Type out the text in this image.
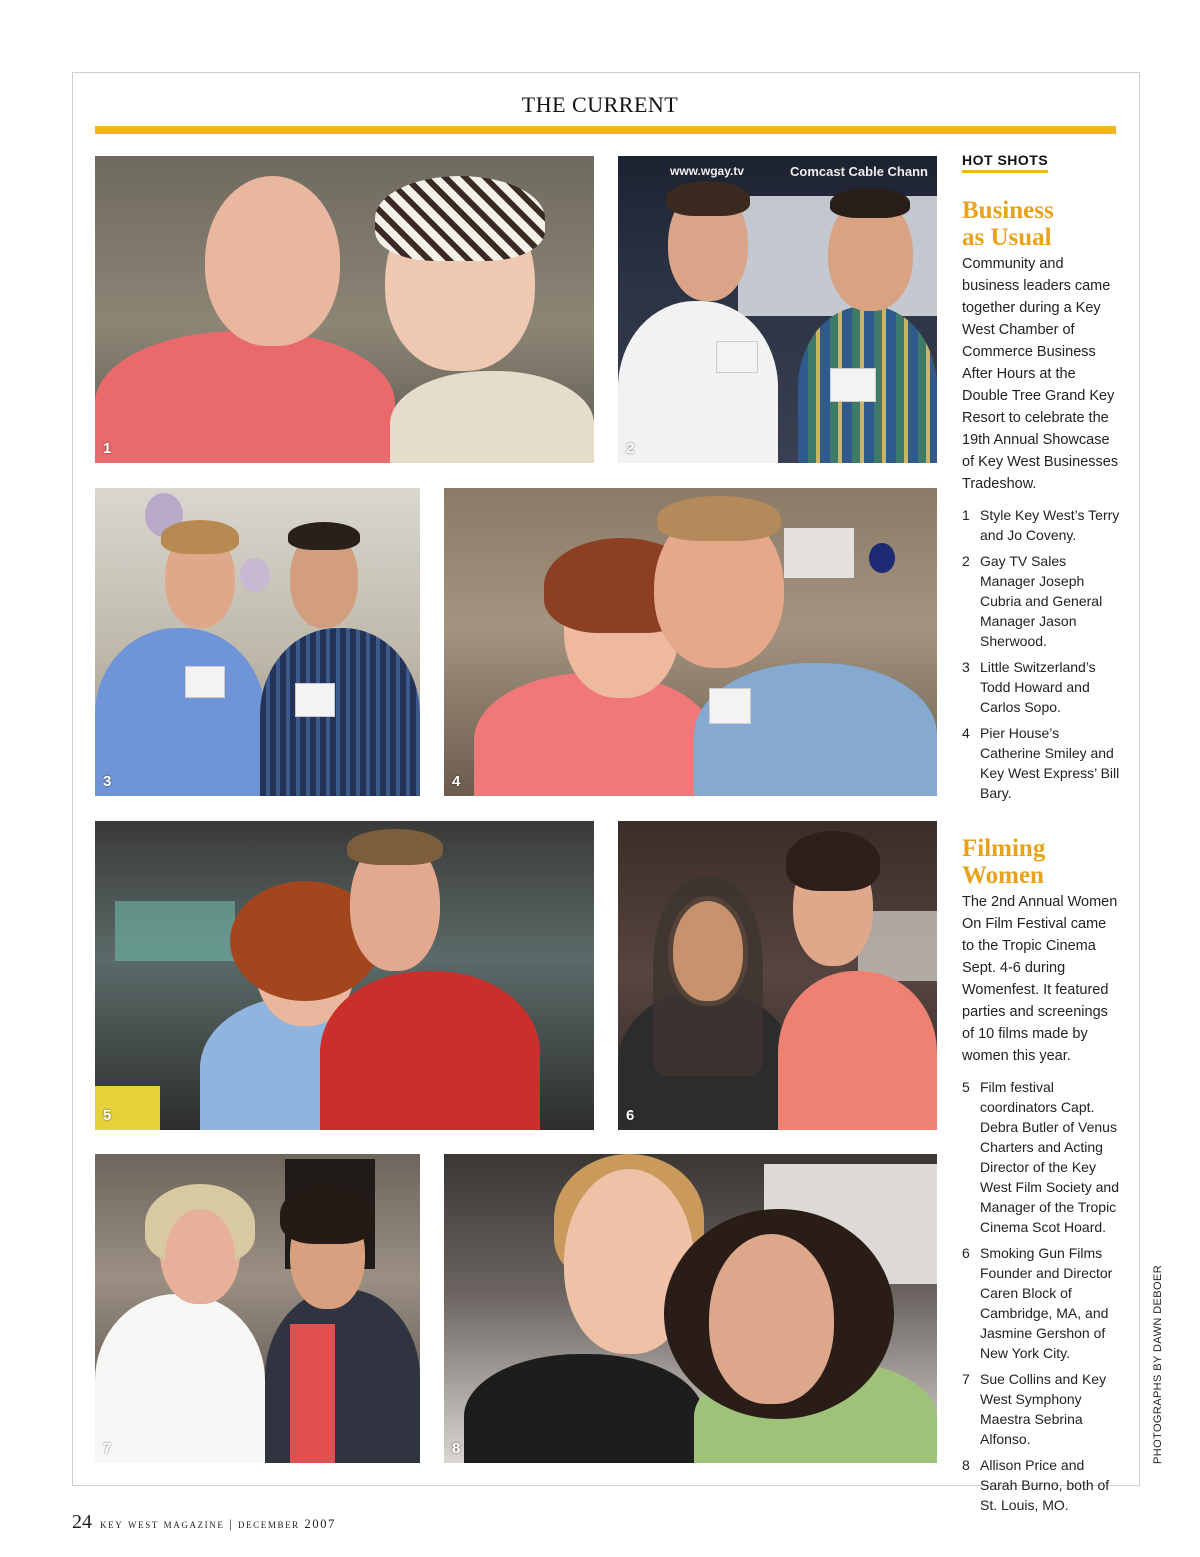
THE CURRENT
1
www.wgay.tv	Comcast Cable Chann
2
3	4
5	6
7	8
HOT SHOTS
Business as Usual

Community and business leaders came together during a Key West Chamber of Commerce Business After Hours at the Double Tree Grand Key Resort to celebrate the 19th Annual Showcase of Key West Businesses Tradeshow.

1 Style Key West’s Terry and Jo Coveny.
2 Gay TV Sales Manager Joseph Cubria and General Manager Jason Sherwood.
3 Little Switzerland’s Todd Howard and Carlos Sopo.
4 Pier House’s Catherine Smiley and Key West Express’ Bill Bary.
Filming Women

The 2nd Annual Women On Film Festival came to the Tropic Cinema Sept. 4-6 during Womenfest. It featured parties and screenings of 10 films made by women this year.

5 Film festival coordinators Capt. Debra Butler of Venus Charters and Acting Director of the Key West Film Society and Manager of the Tropic Cinema Scot Hoard.
6 Smoking Gun Films Founder and Director Caren Block of Cambridge, MA, and Jasmine Gershon of New York City.
7 Sue Collins and Key West Symphony Maestra Sebrina Alfonso.
8 Allison Price and Sarah Burno, both of St. Louis, MO.
PHOTOGRAPHS BY DAWN DEBOER
24 key west magazine | december 2007
